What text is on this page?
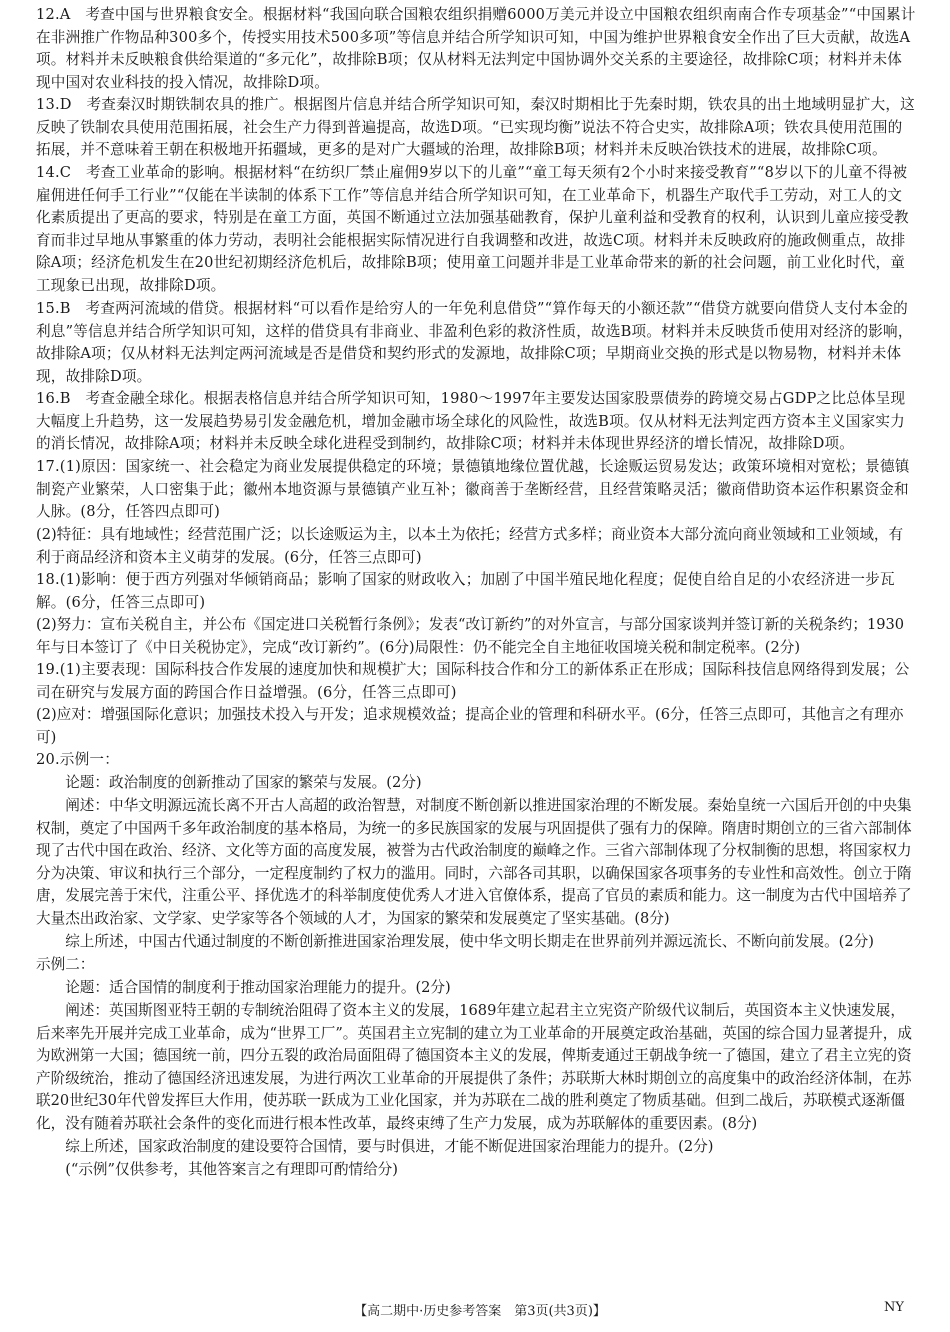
12.A　考查中国与世界粮食安全。根据材料“我国向联合国粮农组织捐赠6000万美元并设立中国粮农组织南南合作专项基金”“中国累计在非洲推广作物品种300多个，传授实用技术500多项”等信息并结合所学知识可知，中国为维护世界粮食安全作出了巨大贡献，故选A项。材料并未反映粮食供给渠道的“多元化”，故排除B项；仅从材料无法判定中国协调外交关系的主要途径，故排除C项；材料并未体现中国对农业科技的投入情况，故排除D项。
13.D　考查秦汉时期铁制农具的推广。根据图片信息并结合所学知识可知，秦汉时期相比于先秦时期，铁农具的出土地域明显扩大，这反映了铁制农具使用范围拓展，社会生产力得到普遍提高，故选D项。“已实现均衡”说法不符合史实，故排除A项；铁农具使用范围的拓展，并不意味着王朝在积极地开拓疆域，更多的是对广大疆域的治理，故排除B项；材料并未反映冶铁技术的进展，故排除C项。
14.C　考查工业革命的影响。根据材料“在纺织厂禁止雇佣9岁以下的儿童”“童工每天须有2个小时来接受教育”“8岁以下的儿童不得被雇佣进任何手工行业”“仅能在半读制的体系下工作”等信息并结合所学知识可知，在工业革命下，机器生产取代手工劳动，对工人的文化素质提出了更高的要求，特别是在童工方面，英国不断通过立法加强基础教育，保护儿童利益和受教育的权利，认识到儿童应接受教育而非过早地从事繁重的体力劳动，表明社会能根据实际情况进行自我调整和改进，故选C项。材料并未反映政府的施政侧重点，故排除A项；经济危机发生在20世纪初期经济危机后，故排除B项；使用童工问题并非是工业革命带来的新的社会问题，前工业化时代，童工现象已出现，故排除D项。
15.B　考查两河流域的借贷。根据材料“可以看作是给穷人的一年免利息借贷”“算作每天的小额还款”“借贷方就要向借贷人支付本金的利息”等信息并结合所学知识可知，这样的借贷具有非商业、非盈利色彩的救济性质，故选B项。材料并未反映货币使用对经济的影响，故排除A项；仅从材料无法判定两河流域是否是借贷和契约形式的发源地，故排除C项；早期商业交换的形式是以物易物，材料并未体现，故排除D项。
16.B　考查金融全球化。根据表格信息并结合所学知识可知，1980～1997年主要发达国家股票债券的跨境交易占GDP之比总体呈现大幅度上升趋势，这一发展趋势易引发金融危机，增加金融市场全球化的风险性，故选B项。仅从材料无法判定西方资本主义国家实力的消长情况，故排除A项；材料并未反映全球化进程受到制约，故排除C项；材料并未体现世界经济的增长情况，故排除D项。
17.(1)原因：国家统一、社会稳定为商业发展提供稳定的环境；景德镇地缘位置优越，长途贩运贸易发达；政策环境相对宽松；景德镇制瓷产业繁荣，人口密集于此；徽州本地资源与景德镇产业互补；徽商善于垄断经营，且经营策略灵活；徽商借助资本运作积累资金和人脉。(8分，任答四点即可)
(2)特征：具有地域性；经营范围广泛；以长途贩运为主，以本土为依托；经营方式多样；商业资本大部分流向商业领域和工业领域，有利于商品经济和资本主义萌芽的发展。(6分，任答三点即可)
18.(1)影响：便于西方列强对华倾销商品；影响了国家的财政收入；加剧了中国半殖民地化程度；促使自给自足的小农经济进一步瓦解。(6分，任答三点即可)
(2)努力：宣布关税自主，并公布《国定进口关税暂行条例》；发表“改订新约”的对外宣言，与部分国家谈判并签订新的关税条约；1930年与日本签订了《中日关税协定》，完成“改订新约”。(6分)局限性：仍不能完全自主地征收国境关税和制定税率。(2分)
19.(1)主要表现：国际科技合作发展的速度加快和规模扩大；国际科技合作和分工的新体系正在形成；国际科技信息网络得到发展；公司在研究与发展方面的跨国合作日益增强。(6分，任答三点即可)
(2)应对：增强国际化意识；加强技术投入与开发；追求规模效益；提高企业的管理和科研水平。(6分，任答三点即可，其他言之有理亦可)
20.示例一：
论题：政治制度的创新推动了国家的繁荣与发展。(2分)
阐述：中华文明源远流长离不开古人高超的政治智慧，对制度不断创新以推进国家治理的不断发展。秦始皇统一六国后开创的中央集权制，奠定了中国两千多年政治制度的基本格局，为统一的多民族国家的发展与巩固提供了强有力的保障。隋唐时期创立的三省六部制体现了古代中国在政治、经济、文化等方面的高度发展，被誉为古代政治制度的巅峰之作。三省六部制体现了分权制衡的思想，将国家权力分为决策、审议和执行三个部分，一定程度制约了权力的滥用。同时，六部各司其职，以确保国家各项事务的专业性和高效性。创立于隋唐，发展完善于宋代，注重公平、择优选才的科举制度使优秀人才进入官僚体系，提高了官员的素质和能力。这一制度为古代中国培养了大量杰出政治家、文学家、史学家等各个领域的人才，为国家的繁荣和发展奠定了坚实基础。(8分)
综上所述，中国古代通过制度的不断创新推进国家治理发展，使中华文明长期走在世界前列并源远流长、不断向前发展。(2分)
示例二：
论题：适合国情的制度利于推动国家治理能力的提升。(2分)
阐述：英国斯图亚特王朝的专制统治阻碍了资本主义的发展，1689年建立起君主立宪资产阶级代议制后，英国资本主义快速发展，后来率先开展并完成工业革命，成为“世界工厂”。英国君主立宪制的建立为工业革命的开展奠定政治基础，英国的综合国力显著提升，成为欧洲第一大国；德国统一前，四分五裂的政治局面阻碍了德国资本主义的发展，俾斯麦通过王朝战争统一了德国，建立了君主立宪的资产阶级统治，推动了德国经济迅速发展，为进行两次工业革命的开展提供了条件；苏联斯大林时期创立的高度集中的政治经济体制，在苏联20世纪30年代曾发挥巨大作用，使苏联一跃成为工业化国家，并为苏联在二战的胜利奠定了物质基础。但到二战后，苏联模式逐渐僵化，没有随着苏联社会条件的变化而进行根本性改革，最终束缚了生产力发展，成为苏联解体的重要因素。(8分)
综上所述，国家政治制度的建设要符合国情，要与时俱进，才能不断促进国家治理能力的提升。(2分)
(“示例”仅供参考，其他答案言之有理即可酌情给分)
【高二期中·历史参考答案　第3页(共3页)】	NY
